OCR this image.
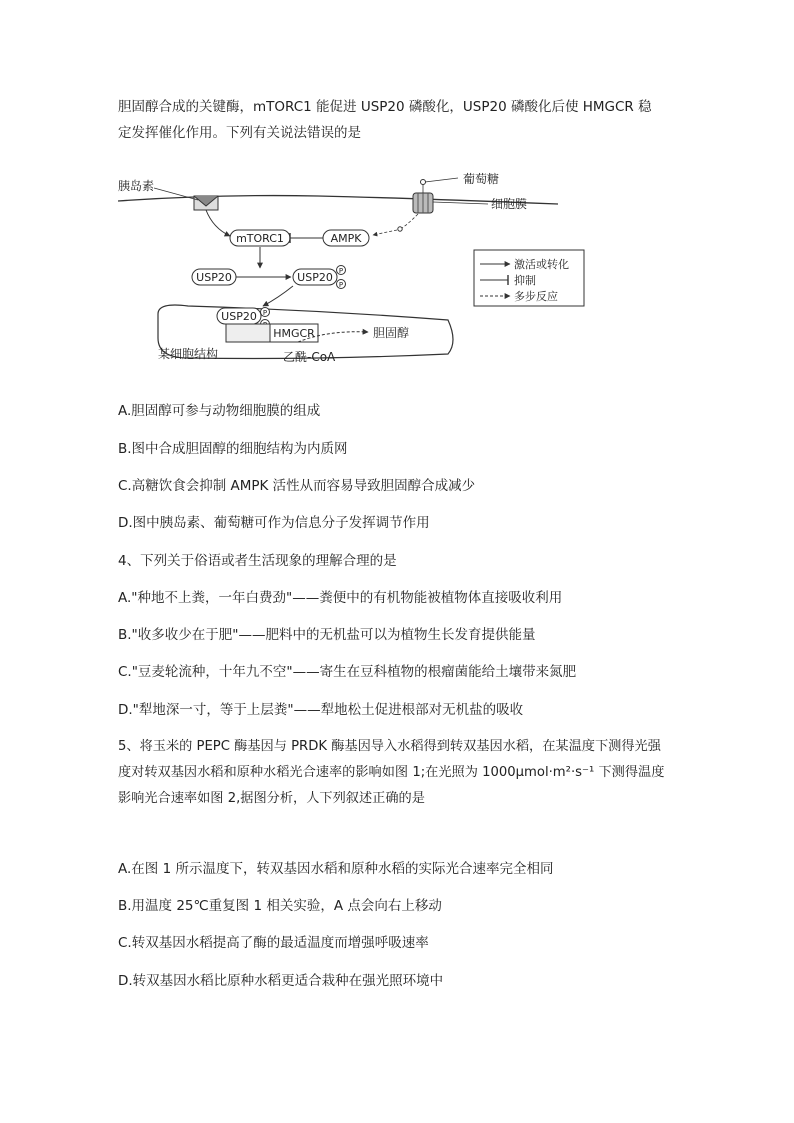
胆固醇合成的关键酶，mTORC1 能促进 USP20 磷酸化，USP20 磷酸化后使 HMGCR 稳
定发挥催化作用。下列有关说法错误的是
胰岛素	葡萄糖
细胞膜
mTORC1	AMPK
USP20	USP20 P
P
某细胞结构
USP20 P
HMGCR	胆固醇
乙酰-CoA
激活或转化
抑制
多步反应
A.胆固醇可参与动物细胞膜的组成
B.图中合成胆固醇的细胞结构为内质网
C.高糖饮食会抑制 AMPK 活性从而容易导致胆固醇合成减少
D.图中胰岛素、葡萄糖可作为信息分子发挥调节作用
4、下列关于俗语或者生活现象的理解合理的是
A."种地不上粪，一年白费劲"——粪便中的有机物能被植物体直接吸收利用
B."收多收少在于肥"——肥料中的无机盐可以为植物生长发育提供能量
C."豆麦轮流种，十年九不空"——寄生在豆科植物的根瘤菌能给土壤带来氮肥
D."犁地深一寸，等于上层粪"——犁地松土促进根部对无机盐的吸收
5、将玉米的 PEPC 酶基因与 PRDK 酶基因导入水稻得到转双基因水稻，在某温度下测得光强
度对转双基因水稻和原种水稻光合速率的影响如图 1;在光照为 1000μmol·m²·s⁻¹ 下测得温度
影响光合速率如图 2,据图分析，人下列叙述正确的是
A.在图 1 所示温度下，转双基因水稻和原种水稻的实际光合速率完全相同
B.用温度 25℃重复图 1 相关实验，A 点会向右上移动
C.转双基因水稻提高了酶的最适温度而增强呼吸速率
D.转双基因水稻比原种水稻更适合栽种在强光照环境中
